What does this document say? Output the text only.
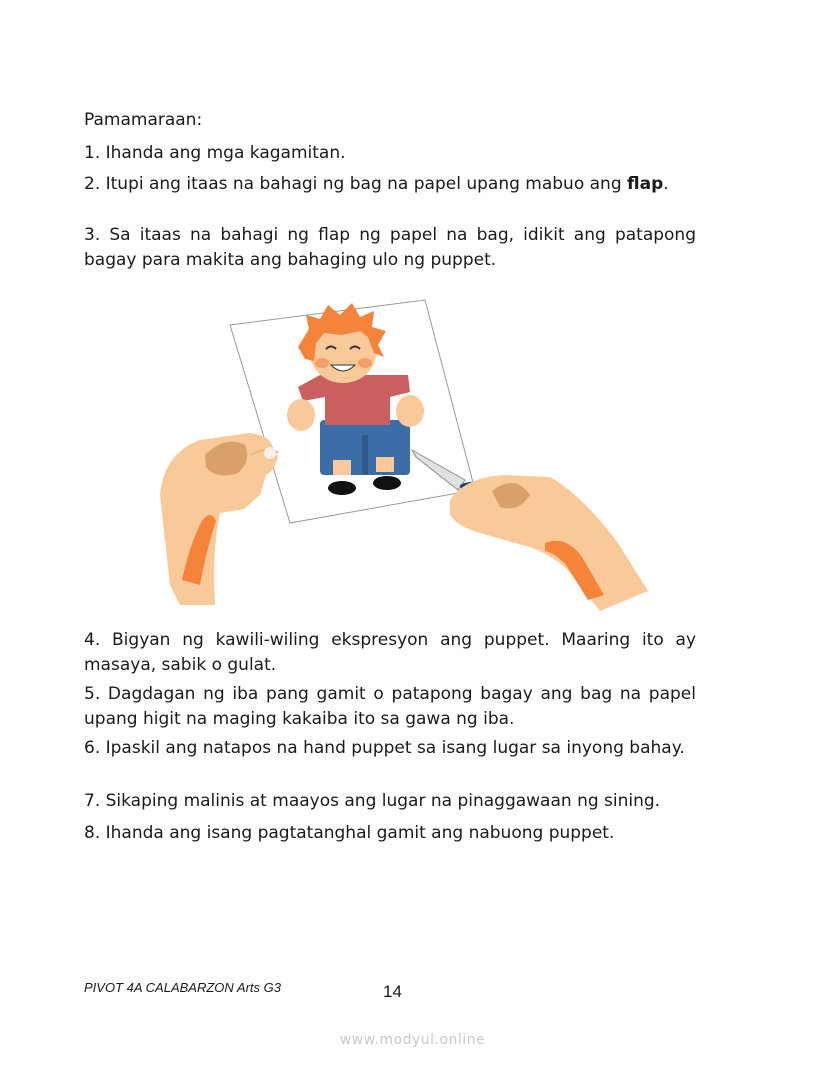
Pamamaraan:

1. Ihanda ang mga kagamitan.

2. Itupi ang itaas na bahagi ng bag na papel upang mabuo ang flap.

3. Sa itaas na bahagi ng flap ng papel na bag, idikit ang patapong bagay para makita ang bahaging ulo ng puppet.

4. Bigyan ng kawili-wiling ekspresyon ang puppet. Maaring ito ay masaya, sabik o gulat.

5. Dagdagan ng iba pang gamit o patapong bagay ang bag na papel upang higit na maging kakaiba ito sa gawa ng iba.

6. Ipaskil ang natapos na hand puppet sa isang lugar sa inyong bahay.

7. Sikaping malinis at maayos ang lugar na pinaggawaan ng sining.

8. Ihanda ang isang pagtatanghal gamit ang nabuong puppet.

PIVOT 4A CALABARZON Arts G3	14
www.modyul.online
